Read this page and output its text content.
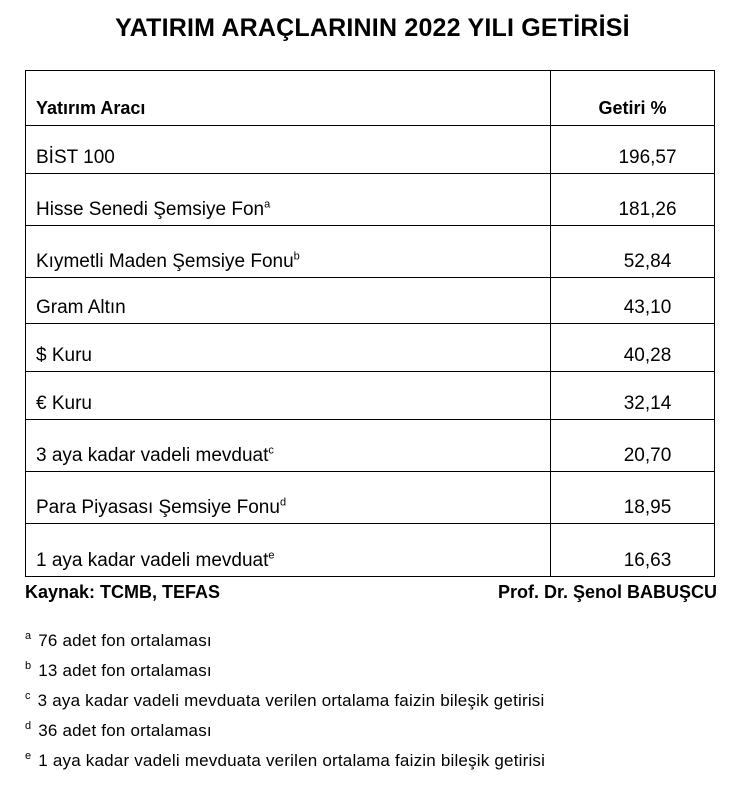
YATIRIM ARAÇLARININ 2022 YILI GETİRİSİ
Yatırım Aracı	Getiri %
BİST 100	196,57
Hisse Senedi Şemsiye Fon$^a$	181,26
Kıymetli Maden Şemsiye Fonu$^b$	52,84
Gram Altın	43,10
$ Kuru	40,28
€ Kuru	32,14
3 aya kadar vadeli mevduat$^c$	20,70
Para Piyasası Şemsiye Fonu$^d$	18,95
1 aya kadar vadeli mevduat$^e$	16,63
Kaynak: TCMB, TEFAS	Prof. Dr. Şenol BABUŞCU
$^a$ 76 adet fon ortalaması
$^b$ 13 adet fon ortalaması
$^c$ 3 aya kadar vadeli mevduata verilen ortalama faizin bileşik getirisi
$^d$ 36 adet fon ortalaması
$^e$ 1 aya kadar vadeli mevduata verilen ortalama faizin bileşik getirisi
